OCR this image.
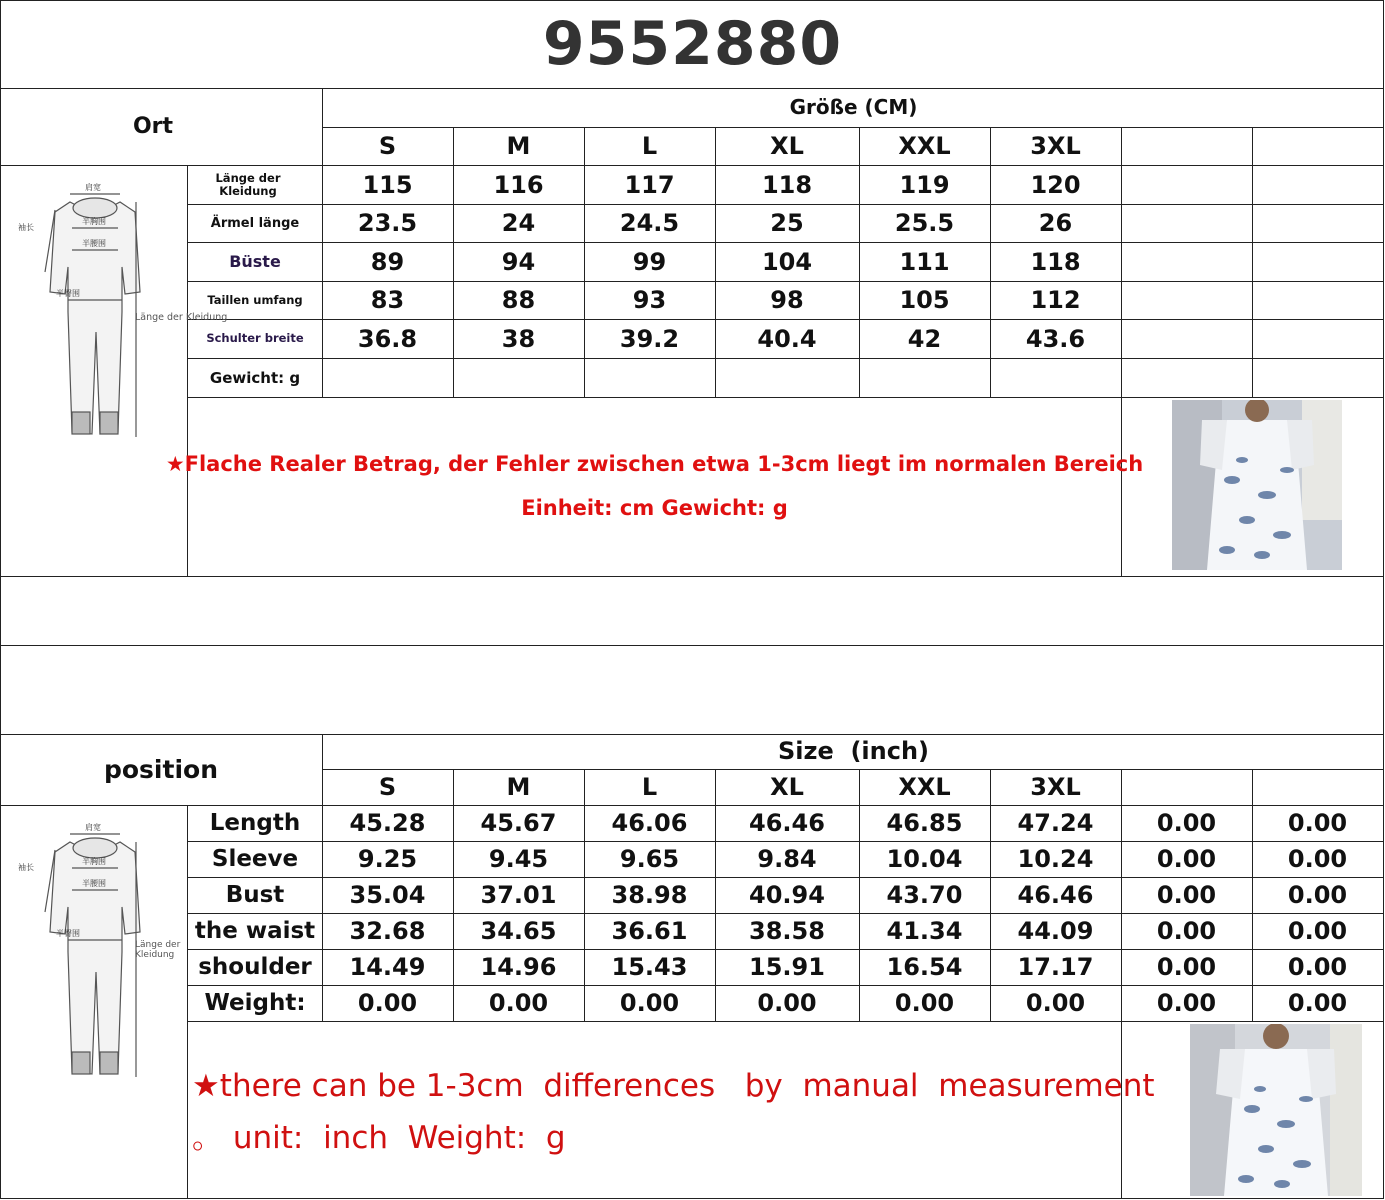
9552880
Ort
Größe (CM)
S	M	L	XL	XXL	3XL
Länge der Kleidung	115	116	117	118	119	120
Ärmel länge	23.5	24	24.5	25	25.5	26
Büste	89	94	99	104	111	118
Taillen umfang	83	88	93	98	105	112
Schulter breite	36.8	38	39.2	40.4	42	43.6
Gewicht: g
肩宽
袖长
半胸围
半腰围
半臀围
Länge der Kleidung
★Flache Realer Betrag, der Fehler zwischen etwa 1-3cm liegt im normalen Bereich
Einheit: cm Gewicht: g
position
Size  (inch)
S	M	L	XL	XXL	3XL
Length	45.28	45.67	46.06	46.46	46.85	47.24	0.00	0.00
Sleeve	9.25	9.45	9.65	9.84	10.04	10.24	0.00	0.00
Bust	35.04	37.01	38.98	40.94	43.70	46.46	0.00	0.00
the waist	32.68	34.65	36.61	38.58	41.34	44.09	0.00	0.00
shoulder	14.49	14.96	15.43	15.91	16.54	17.17	0.00	0.00
Weight:	0.00	0.00	0.00	0.00	0.00	0.00	0.00	0.00
肩宽
袖长
半胸围
半腰围
半臀围
Länge der Kleidung
★there can be 1-3cm  differences   by  manual  measurement
。 unit:  inch  Weight:  g
